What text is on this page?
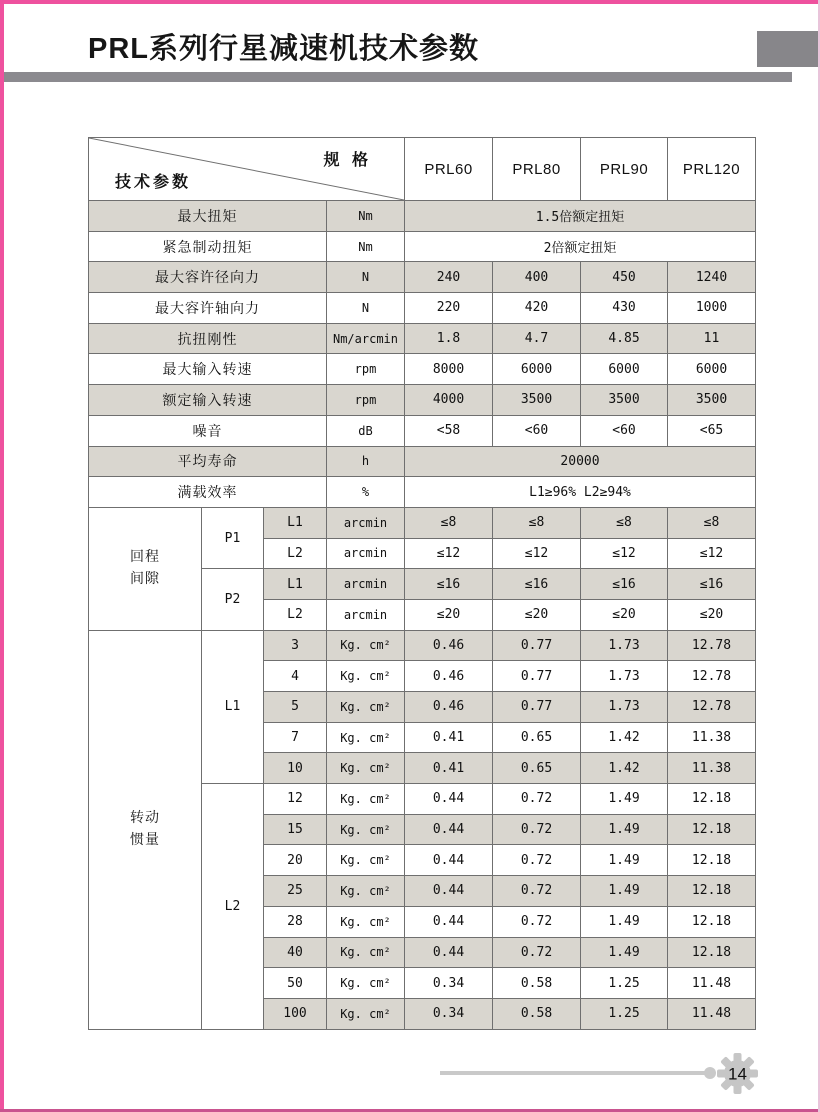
PRL系列行星减速机技术参数
规 格
技术参数				PRL60	PRL80	PRL90	PRL120
最大扭矩			Nm	1.5倍额定扭矩			
紧急制动扭矩			Nm	2倍额定扭矩			
最大容许径向力			N	240	400	450	1240
最大容许轴向力			N	220	420	430	1000
抗扭刚性			Nm/arcmin	1.8	4.7	4.85	11
最大输入转速			rpm	8000	6000	6000	6000
额定输入转速			rpm	4000	3500	3500	3500
噪音			dB	<58	<60	<60	<65
平均寿命			h	20000			
满载效率			%	L1≥96% L2≥94%			

回程
间隙	P1	L1	arcmin	≤8	≤8	≤8	≤8
		L2	arcmin	≤12	≤12	≤12	≤12
	P2	L1	arcmin	≤16	≤16	≤16	≤16
		L2	arcmin	≤20	≤20	≤20	≤20

转动
惯量	L1	3	Kg. cm²	0.46	0.77	1.73	12.78
		4	Kg. cm²	0.46	0.77	1.73	12.78
		5	Kg. cm²	0.46	0.77	1.73	12.78
		7	Kg. cm²	0.41	0.65	1.42	11.38
		10	Kg. cm²	0.41	0.65	1.42	11.38
	L2	12	Kg. cm²	0.44	0.72	1.49	12.18
		15	Kg. cm²	0.44	0.72	1.49	12.18
		20	Kg. cm²	0.44	0.72	1.49	12.18
		25	Kg. cm²	0.44	0.72	1.49	12.18
		28	Kg. cm²	0.44	0.72	1.49	12.18
		40	Kg. cm²	0.44	0.72	1.49	12.18
		50	Kg. cm²	0.34	0.58	1.25	11.48
		100	Kg. cm²	0.34	0.58	1.25	11.48
14
